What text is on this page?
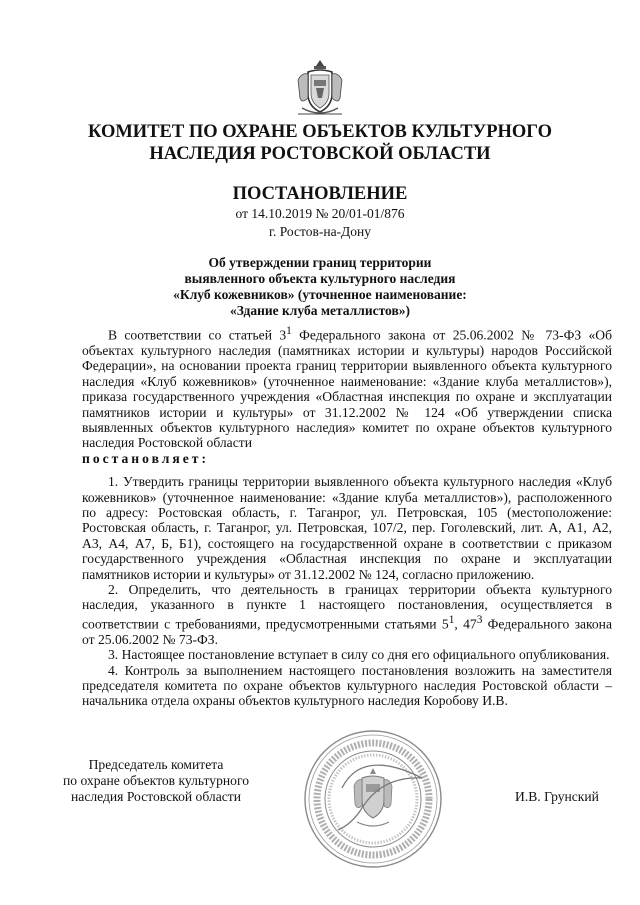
КОМИТЕТ ПО ОХРАНЕ ОБЪЕКТОВ КУЛЬТУРНОГО
НАСЛЕДИЯ РОСТОВСКОЙ ОБЛАСТИ
ПОСТАНОВЛЕНИЕ
от 14.10.2019 № 20/01-01/876
г. Ростов-на-Дону
Об утверждении границ территории
выявленного объекта культурного наследия
«Клуб кожевников» (уточненное наименование:
«Здание клуба металлистов»)

В соответствии со статьей $3^1$ Федерального закона от 25.06.2002 № 73-ФЗ «Об объектах культурного наследия (памятниках истории и культуры) народов Российской Федерации», на основании проекта границ территории выявленного объекта культурного наследия «Клуб кожевников» (уточненное наименование: «Здание клуба металлистов»), приказа государственного учреждения «Областная инспекция по охране и эксплуатации памятников истории и культуры» от 31.12.2002 № 124 «Об утверждении списка выявленных объектов культурного наследия» комитет по охране объектов культурного наследия Ростовской области

постановляет:

1. Утвердить границы территории выявленного объекта культурного наследия «Клуб кожевников» (уточненное наименование: «Здание клуба металлистов»), расположенного по адресу: Ростовская область, г. Таганрог, ул. Петровская, 105 (местоположение: Ростовская область, г. Таганрог, ул. Петровская, 107/2, пер. Гоголевский, лит. А, А1, А2, А3, А4, А7, Б, Б1), состоящего на государственной охране в соответствии с приказом государственного учреждения «Областная инспекция по охране и эксплуатации памятников истории и культуры» от 31.12.2002 № 124, согласно приложению.

2. Определить, что деятельность в границах территории объекта культурного наследия, указанного в пункте 1 настоящего постановления, осуществляется в соответствии с требованиями, предусмотренными статьями $5^1$, $47^3$ Федерального закона от 25.06.2002 № 73-ФЗ.

3. Настоящее постановление вступает в силу со дня его официального опубликования.

4. Контроль за выполнением настоящего постановления возложить на заместителя председателя комитета по охране объектов культурного наследия Ростовской области – начальника отдела охраны объектов культурного наследия Коробову И.В.

Председатель комитета
по охране объектов культурного
наследия Ростовской области	И.В. Грунский
